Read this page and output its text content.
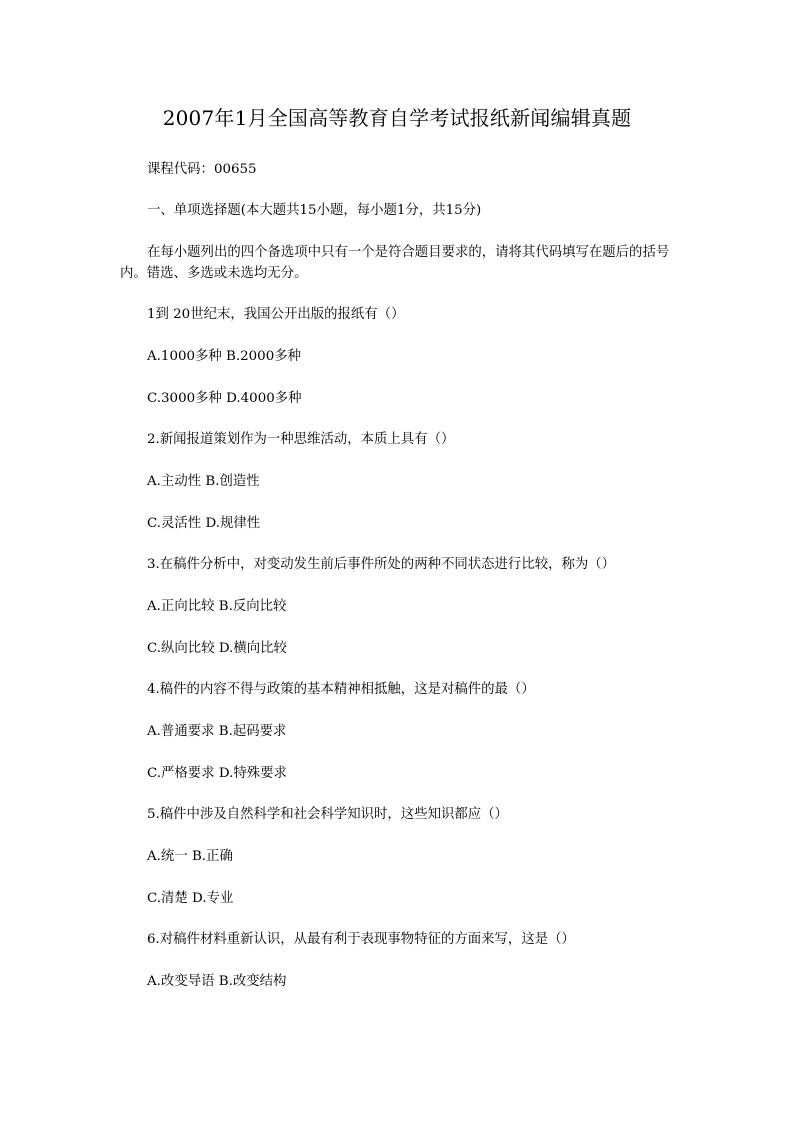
2007年1月全国高等教育自学考试报纸新闻编辑真题
课程代码：00655
一、单项选择题(本大题共15小题，每小题1分，共15分)
在每小题列出的四个备选项中只有一个是符合题目要求的，请将其代码填写在题后的括号内。错选、多选或未选均无分。
1到 20世纪末，我国公开出版的报纸有（）
A.1000多种 B.2000多种
C.3000多种 D.4000多种
2.新闻报道策划作为一种思维活动，本质上具有（）
A.主动性 B.创造性
C.灵活性 D.规律性
3.在稿件分析中，对变动发生前后事件所处的两种不同状态进行比较，称为（）
A.正向比较 B.反向比较
C.纵向比较 D.横向比较
4.稿件的内容不得与政策的基本精神相抵触，这是对稿件的最（）
A.普通要求 B.起码要求
C.严格要求 D.特殊要求
5.稿件中涉及自然科学和社会科学知识时，这些知识都应（）
A.统一 B.正确
C.清楚 D.专业
6.对稿件材料重新认识，从最有利于表现事物特征的方面来写，这是（）
A.改变导语 B.改变结构
